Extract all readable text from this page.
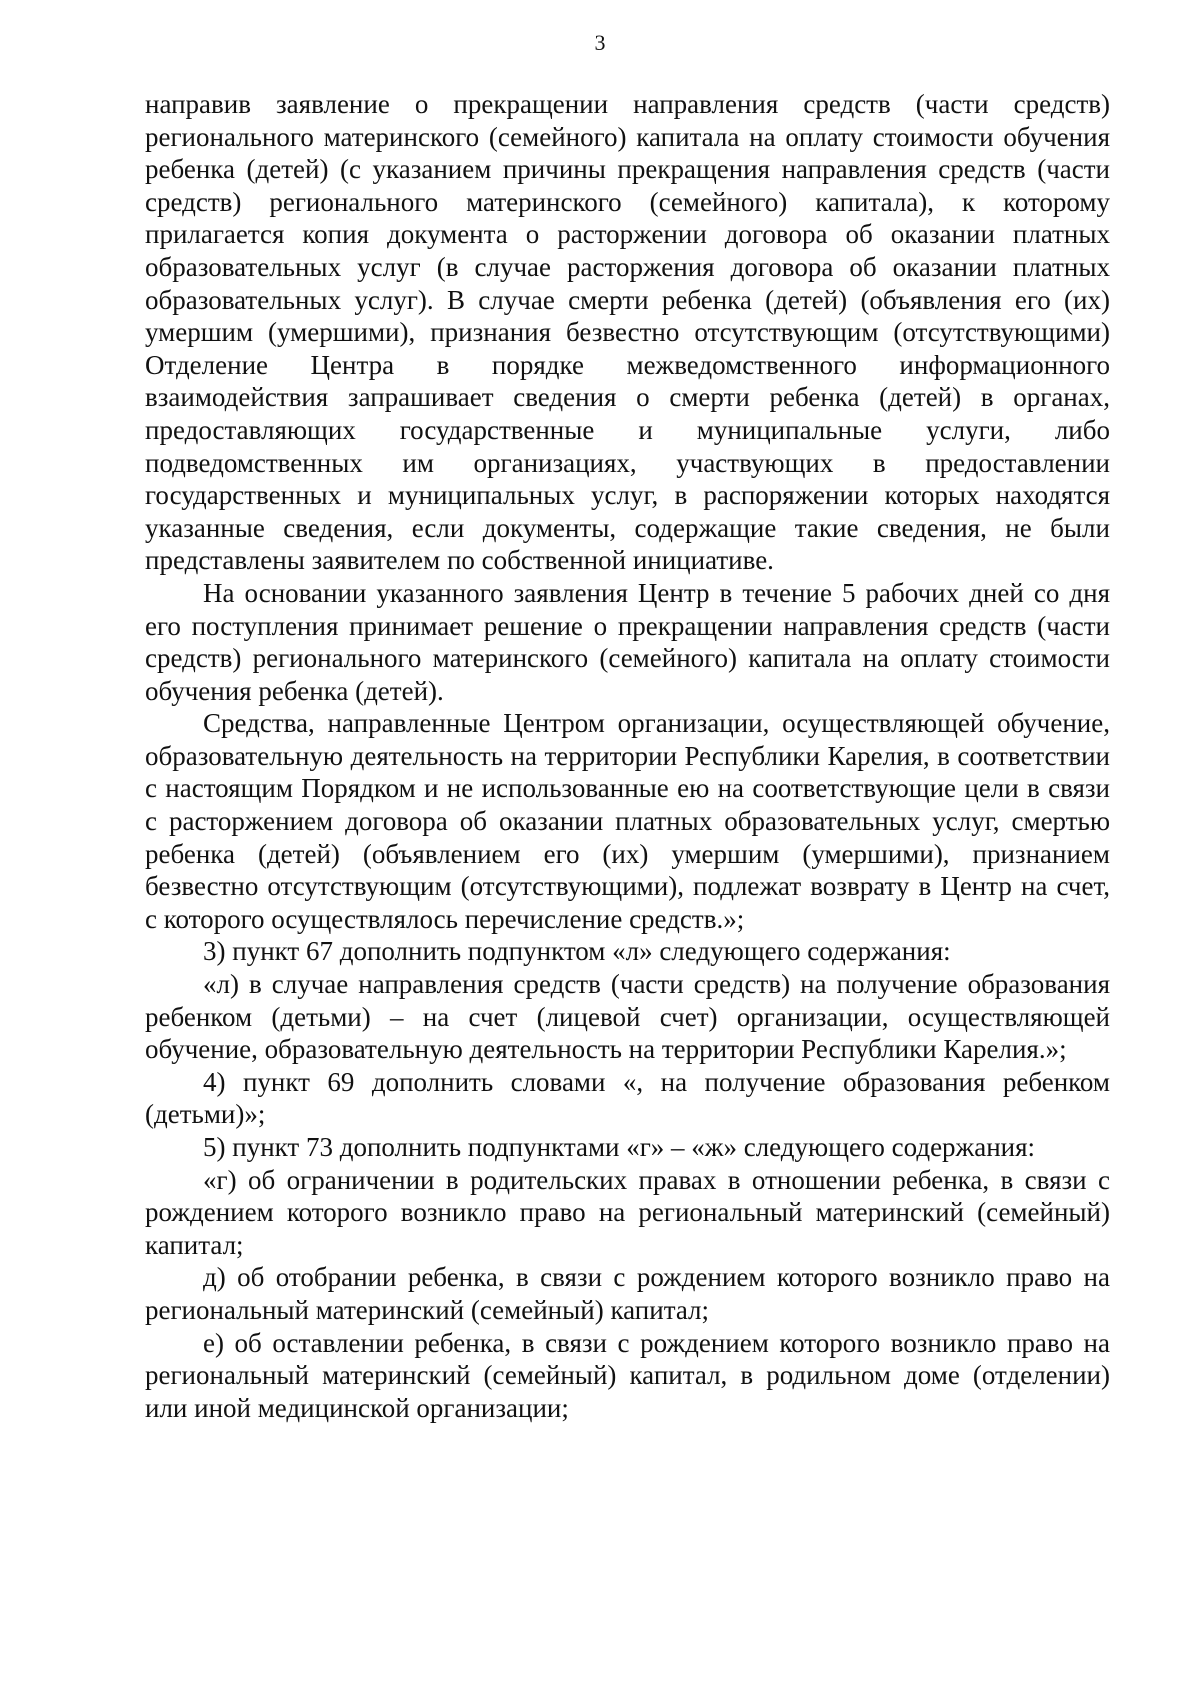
3

направив заявление о прекращении направления средств (части средств) регионального материнского (семейного) капитала на оплату стоимости обучения ребенка (детей) (с указанием причины прекращения направления средств (части средств) регионального материнского (семейного) капитала), к которому прилагается копия документа о расторжении договора об оказании платных образовательных услуг (в случае расторжения договора об оказании платных образовательных услуг). В случае смерти ребенка (детей) (объявления его (их) умершим (умершими), признания безвестно отсутствующим (отсутствующими) Отделение Центра в порядке межведомственного информационного взаимодействия запрашивает сведения о смерти ребенка (детей) в органах, предоставляющих государственные и муниципальные услуги, либо подведомственных им организациях, участвующих в предоставлении государственных и муниципальных услуг, в распоряжении которых находятся указанные сведения, если документы, содержащие такие сведения, не были представлены заявителем по собственной инициативе.

На основании указанного заявления Центр в течение 5 рабочих дней со дня его поступления принимает решение о прекращении направления средств (части средств) регионального материнского (семейного) капитала на оплату стоимости обучения ребенка (детей).

Средства, направленные Центром организации, осуществляющей обучение, образовательную деятельность на территории Республики Карелия, в соответствии с настоящим Порядком и не использованные ею на соответствующие цели в связи с расторжением договора об оказании платных образовательных услуг, смертью ребенка (детей) (объявлением его (их) умершим (умершими), признанием безвестно отсутствующим (отсутствующими), подлежат возврату в Центр на счет, с которого осуществлялось перечисление средств.»;

3) пункт 67 дополнить подпунктом «л» следующего содержания:

«л) в случае направления средств (части средств) на получение образования ребенком (детьми) – на счет (лицевой счет) организации, осуществляющей обучение, образовательную деятельность на территории Республики Карелия.»;

4) пункт 69 дополнить словами «, на получение образования ребенком (детьми)»;

5) пункт 73 дополнить подпунктами «г» – «ж» следующего содержания:

«г) об ограничении в родительских правах в отношении ребенка, в связи с рождением которого возникло право на региональный материнский (семейный) капитал;

д) об отобрании ребенка, в связи с рождением которого возникло право на региональный материнский (семейный) капитал;

е) об оставлении ребенка, в связи с рождением которого возникло право на региональный материнский (семейный) капитал, в родильном доме (отделении) или иной медицинской организации;
